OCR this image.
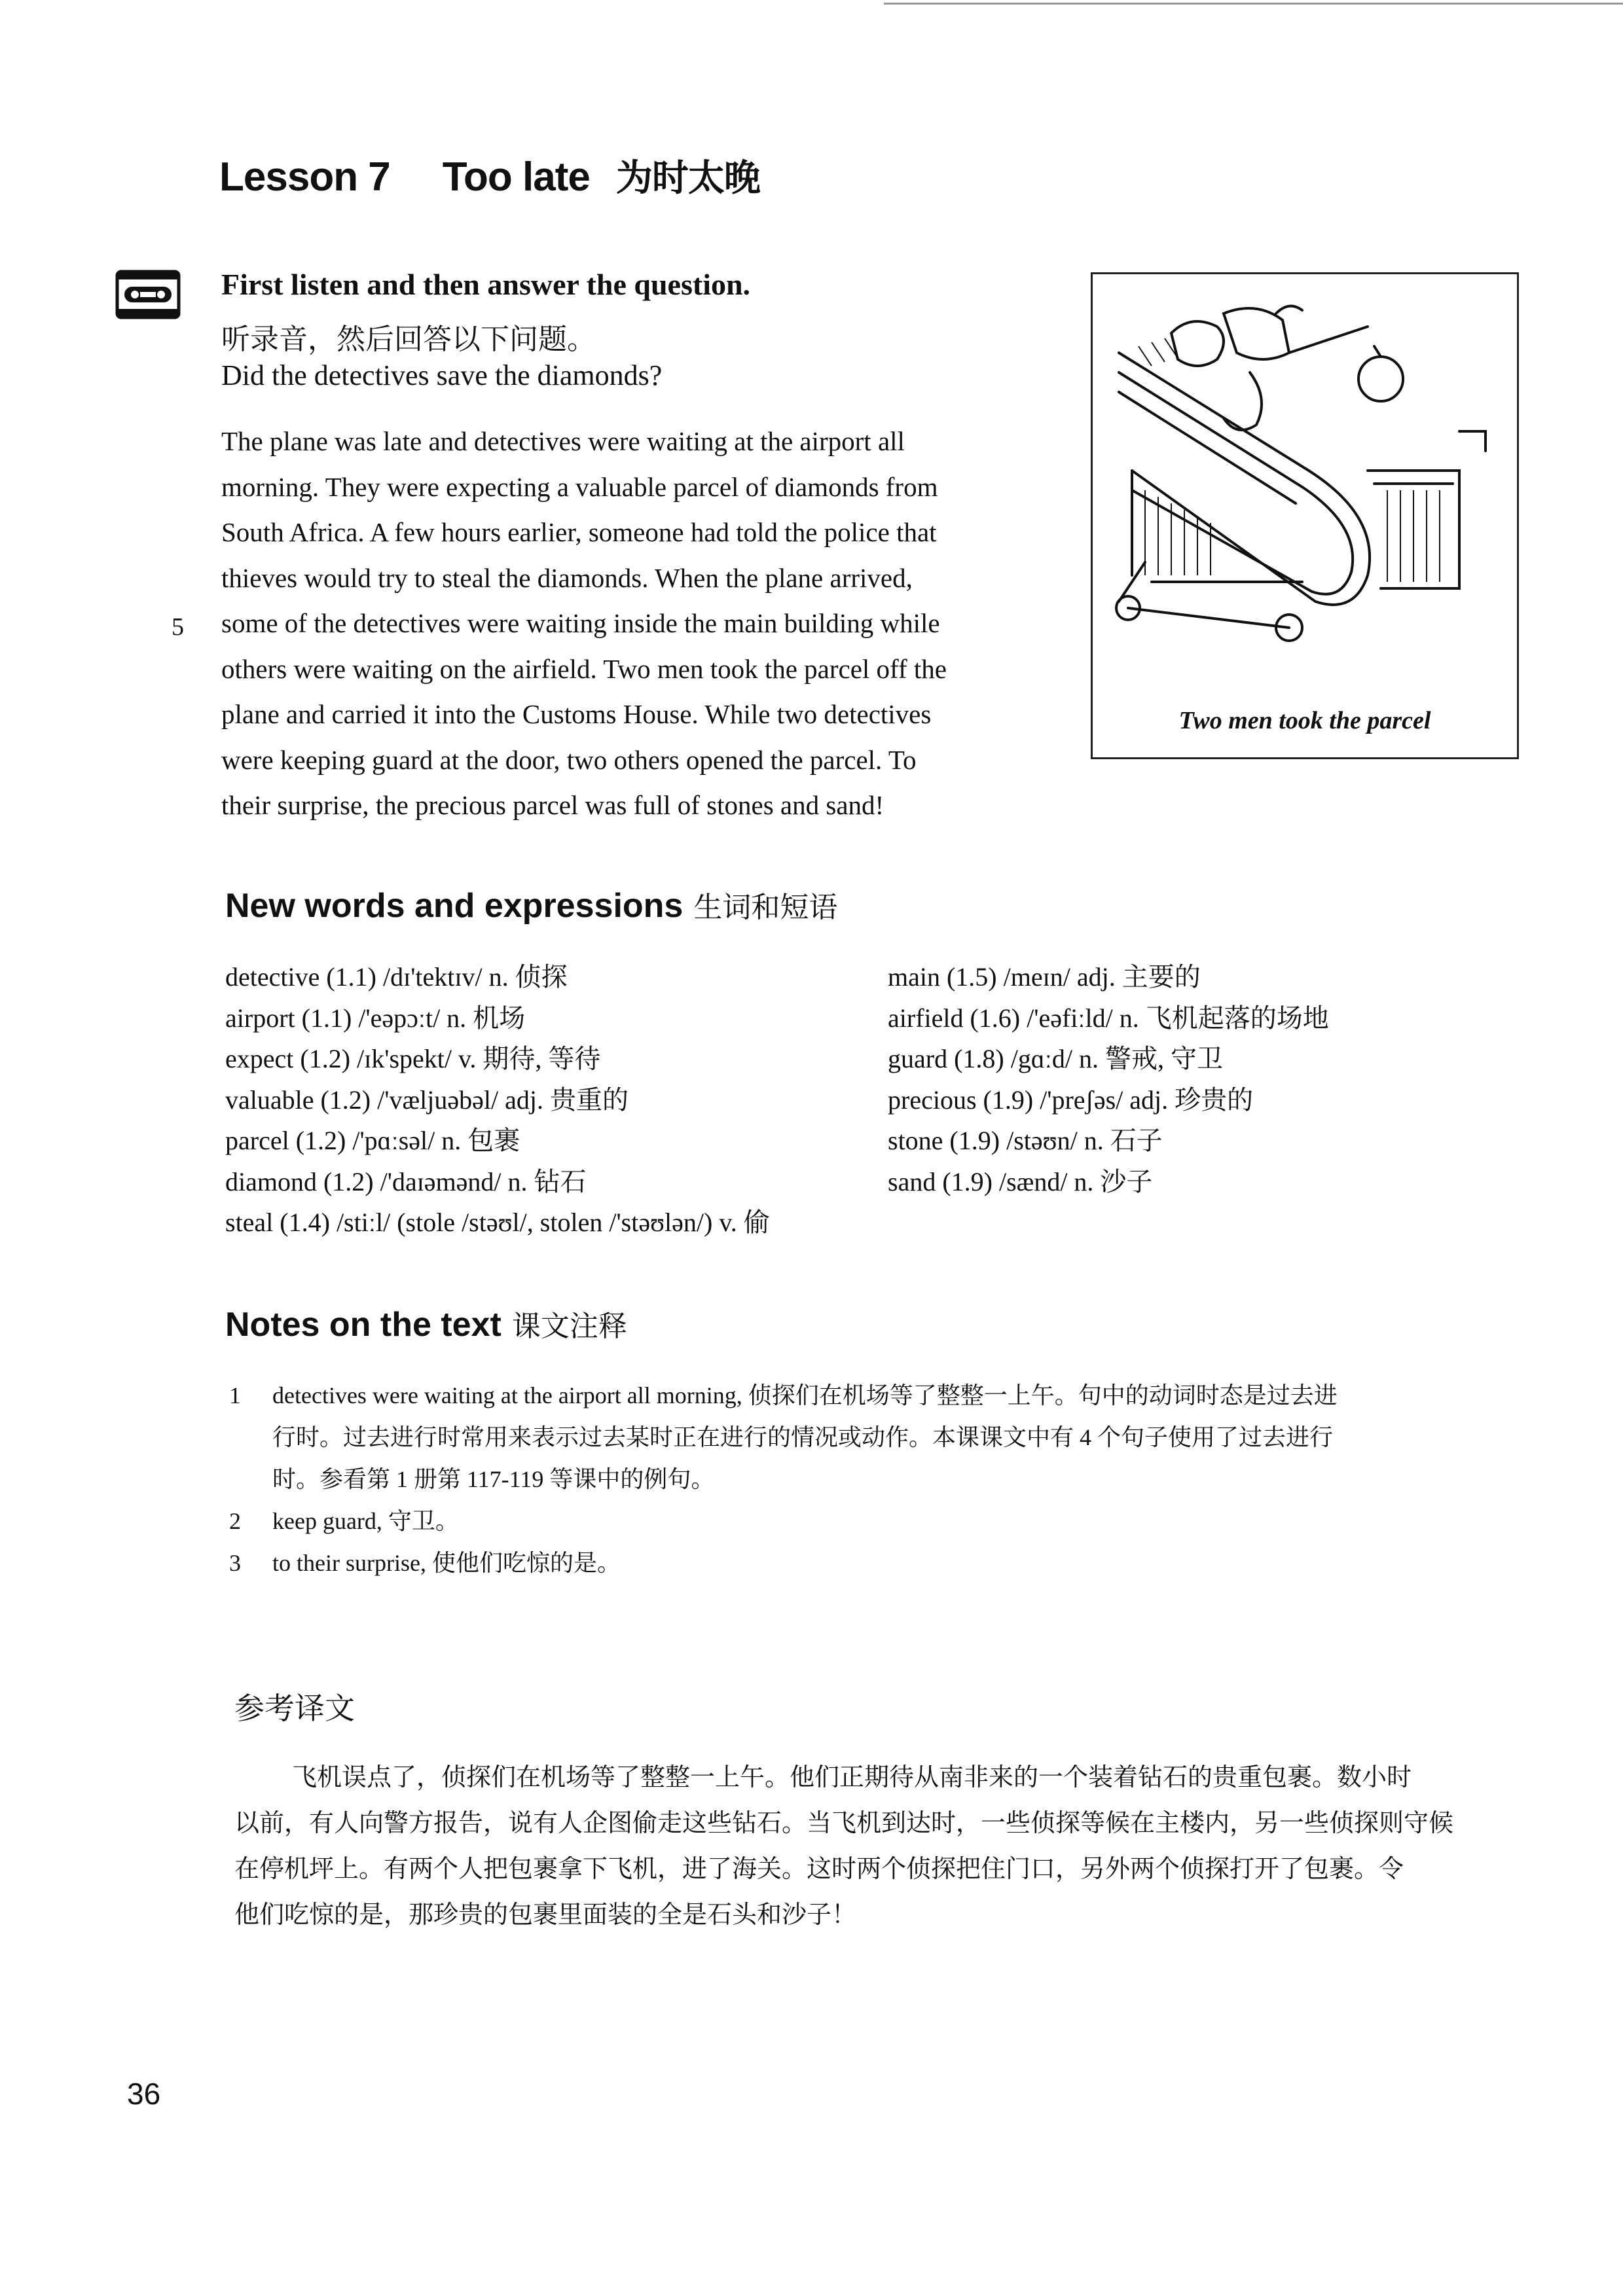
Lesson 7 Too late 为时太晚
First listen and then answer the question.
听录音，然后回答以下问题。
Did the detectives save the diamonds?
The plane was late and detectives were waiting at the airport all
morning. They were expecting a valuable parcel of diamonds from
South Africa. A few hours earlier, someone had told the police that
thieves would try to steal the diamonds. When the plane arrived,
some of the detectives were waiting inside the main building while
others were waiting on the airfield. Two men took the parcel off the
plane and carried it into the Customs House. While two detectives
were keeping guard at the door, two others opened the parcel. To
their surprise, the precious parcel was full of stones and sand!
5
Two men took the parcel
New words and expressions 生词和短语
detective (1.1) /dɪ'tektɪv/ n. 侦探
airport (1.1) /'eəpɔːt/ n. 机场
expect (1.2) /ɪk'spekt/ v. 期待, 等待
valuable (1.2) /'væljuəbəl/ adj. 贵重的
parcel (1.2) /'pɑːsəl/ n. 包裹
diamond (1.2) /'daɪəmənd/ n. 钻石
steal (1.4) /stiːl/ (stole /stəʊl/, stolen /'stəʊlən/) v. 偷
main (1.5) /meɪn/ adj. 主要的
airfield (1.6) /'eəfiːld/ n. 飞机起落的场地
guard (1.8) /gɑːd/ n. 警戒, 守卫
precious (1.9) /'preʃəs/ adj. 珍贵的
stone (1.9) /stəʊn/ n. 石子
sand (1.9) /sænd/ n. 沙子
Notes on the text 课文注释
1 detectives were waiting at the airport all morning, 侦探们在机场等了整整一上午。句中的动词时态是过去进
行时。过去进行时常用来表示过去某时正在进行的情况或动作。本课课文中有 4 个句子使用了过去进行
时。参看第 1 册第 117-119 等课中的例句。
2 keep guard, 守卫。
3 to their surprise, 使他们吃惊的是。
参考译文
飞机误点了，侦探们在机场等了整整一上午。他们正期待从南非来的一个装着钻石的贵重包裹。数小时
以前，有人向警方报告，说有人企图偷走这些钻石。当飞机到达时，一些侦探等候在主楼内，另一些侦探则守候
在停机坪上。有两个人把包裹拿下飞机，进了海关。这时两个侦探把住门口，另外两个侦探打开了包裹。令
他们吃惊的是，那珍贵的包裹里面装的全是石头和沙子！
36
